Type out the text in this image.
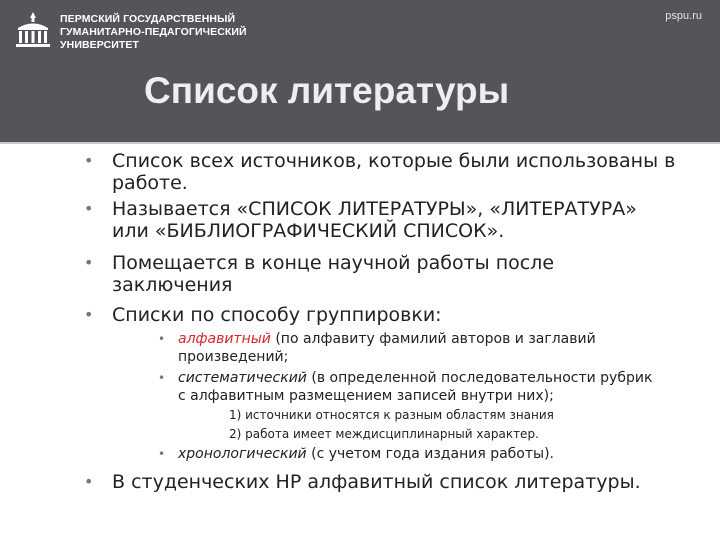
ПЕРМСКИЙ ГОСУДАРСТВЕННЫЙ
ГУМАНИТАРНО-ПЕДАГОГИЧЕСКИЙ
УНИВЕРСИТЕТ
pspu.ru
Список литературы
• Список всех источников, которые были использованы в
работе.
• Называется «СПИСОК ЛИТЕРАТУРЫ», «ЛИТЕРАТУРА»
или «БИБЛИОГРАФИЧЕСКИЙ СПИСОК».
• Помещается в конце научной работы после
заключения
• Списки по способу группировки:
• алфавитный (по алфавиту фамилий авторов и заглавий
произведений;
• систематический (в определенной последовательности рубрик
с алфавитным размещением записей внутри них);
1) источники относятся к разным областям знания
2) работа имеет междисциплинарный характер.
• хронологический (с учетом года издания работы).
• В студенческих НР алфавитный список литературы.
